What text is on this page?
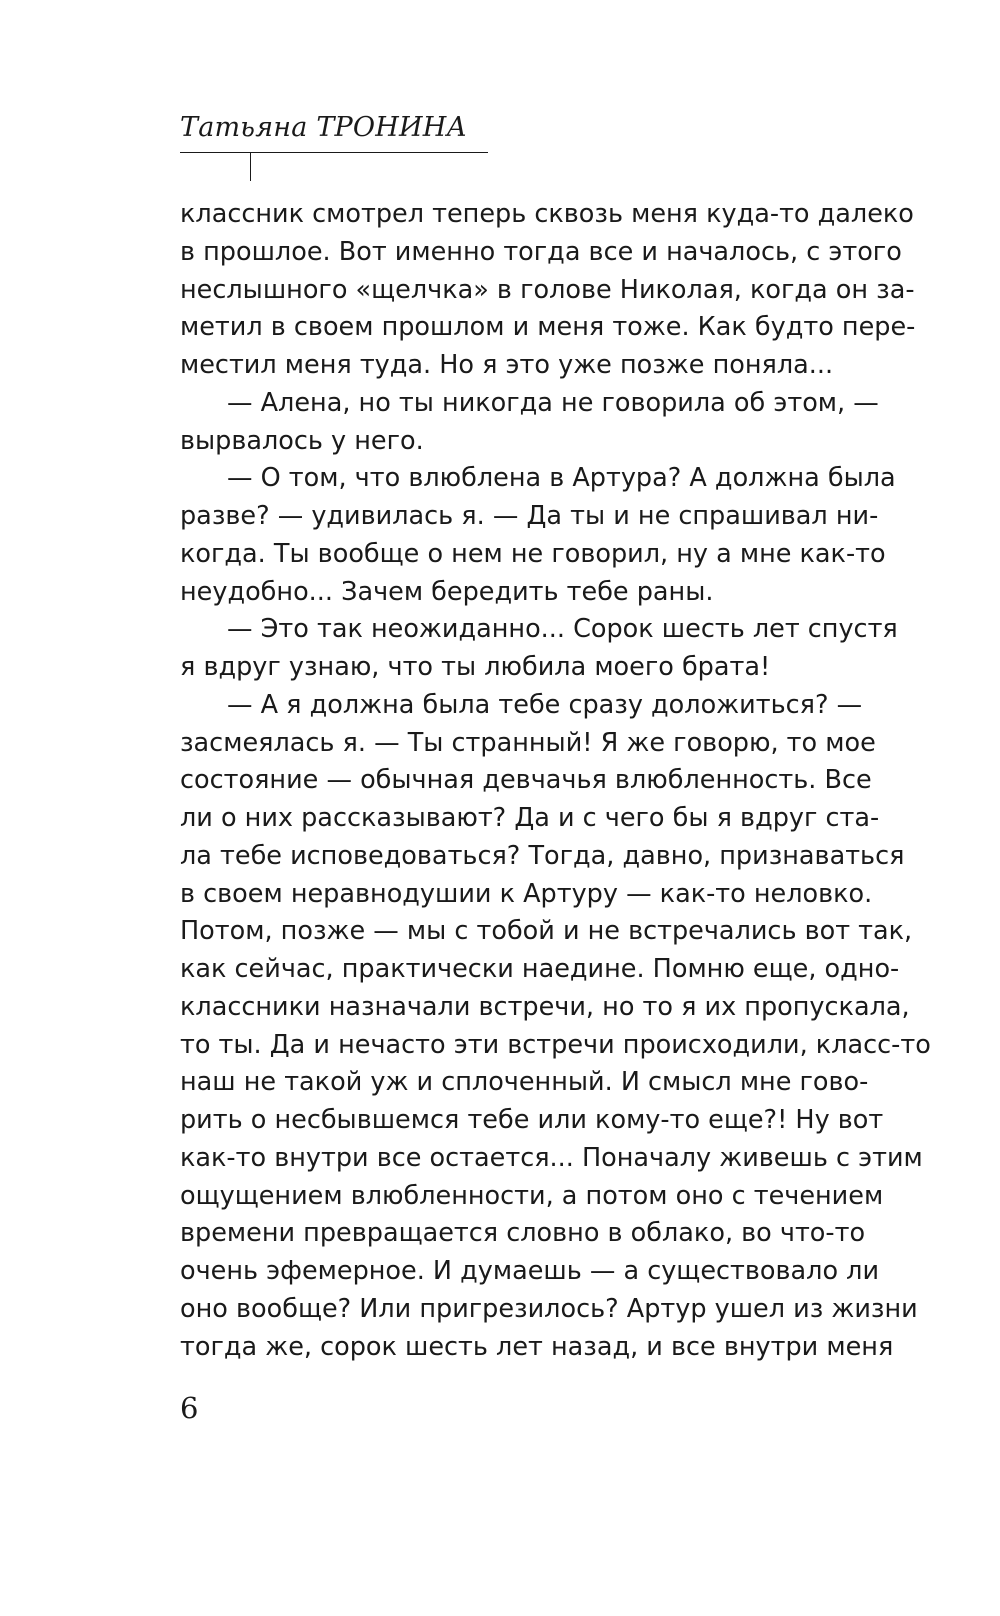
Татьяна ТРОНИНА
классник смотрел теперь сквозь меня куда-то далеко
в прошлое. Вот именно тогда все и началось, с этого
неслышного «щелчка» в голове Николая, когда он за-
метил в своем прошлом и меня тоже. Как будто пере-
местил меня туда. Но я это уже позже поняла...
— Алена, но ты никогда не говорила об этом, —
вырвалось у него.
— О том, что влюблена в Артура? А должна была
разве? — удивилась я. — Да ты и не спрашивал ни-
когда. Ты вообще о нем не говорил, ну а мне как-то
неудобно... Зачем бередить тебе раны.
— Это так неожиданно... Сорок шесть лет спустя
я вдруг узнаю, что ты любила моего брата!
— А я должна была тебе сразу доложиться? —
засмеялась я. — Ты странный! Я же говорю, то мое
состояние — обычная девчачья влюбленность. Все
ли о них рассказывают? Да и с чего бы я вдруг ста-
ла тебе исповедоваться? Тогда, давно, признаваться
в своем неравнодушии к Артуру — как-то неловко.
Потом, позже — мы с тобой и не встречались вот так,
как сейчас, практически наедине. Помню еще, одно-
классники назначали встречи, но то я их пропускала,
то ты. Да и нечасто эти встречи происходили, класс-то
наш не такой уж и сплоченный. И смысл мне гово-
рить о несбывшемся тебе или кому-то еще?! Ну вот
как-то внутри все остается... Поначалу живешь с этим
ощущением влюбленности, а потом оно с течением
времени превращается словно в облако, во что-то
очень эфемерное. И думаешь — а существовало ли
оно вообще? Или пригрезилось? Артур ушел из жизни
тогда же, сорок шесть лет назад, и все внутри меня
6
